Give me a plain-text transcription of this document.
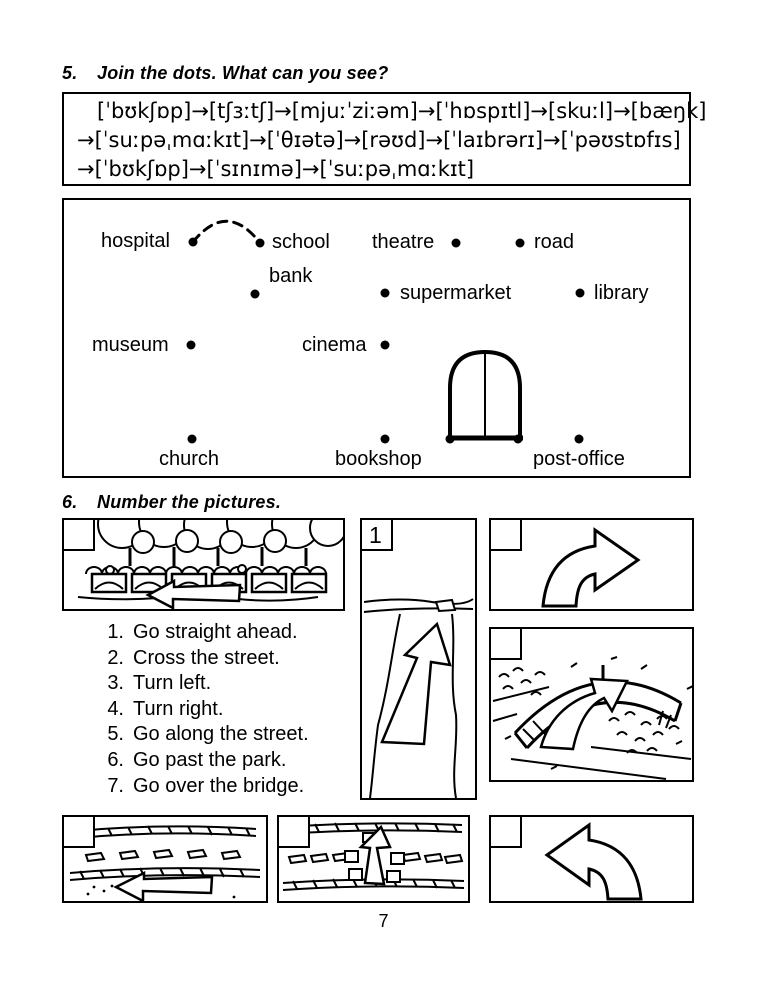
5.	Join the dots. What can you see?
[ˈbʊkʃɒp]→[tʃɜːtʃ]→[mjuːˈziːəm]→[ˈhɒspɪtl]→[skuːl]→[bæŋk]
→[ˈsuːpəˌmɑːkɪt]→[ˈθɪətə]→[rəʊd]→[ˈlaɪbrərɪ]→[ˈpəʊstɒfɪs]
→[ˈbʊkʃɒp]→[ˈsɪnɪmə]→[ˈsuːpəˌmɑːkɪt]
hospital	school theatre	road
bank
supermarket	library
museum	cinema
church	bookshop	post-office
6.	Number the pictures.
1. Go straight ahead.
2. Cross the street.
3. Turn left.
4. Turn right.
5. Go along the street.
6. Go past the park.
7. Go over the bridge.
1
7
